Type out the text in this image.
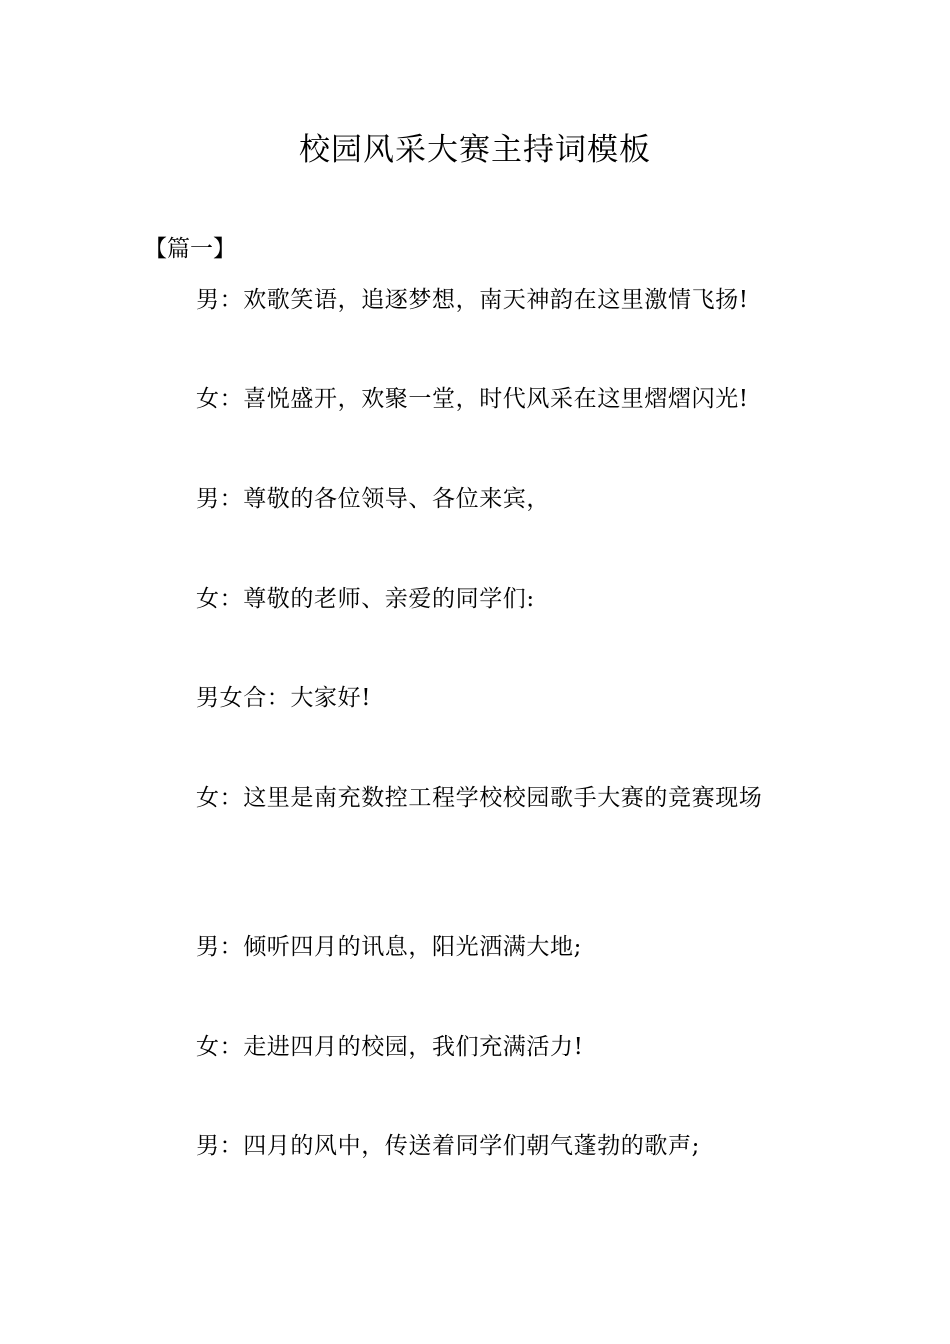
校园风采大赛主持词模板
【篇一】

男：欢歌笑语，追逐梦想，南天神韵在这里激情飞扬!

女：喜悦盛开，欢聚一堂，时代风采在这里熠熠闪光!

男：尊敬的各位领导、各位来宾，

女：尊敬的老师、亲爱的同学们:

男女合：大家好!

女：这里是南充数控工程学校校园歌手大赛的竞赛现场

男：倾听四月的讯息，阳光洒满大地;

女：走进四月的校园，我们充满活力!

男：四月的风中，传送着同学们朝气蓬勃的歌声;
